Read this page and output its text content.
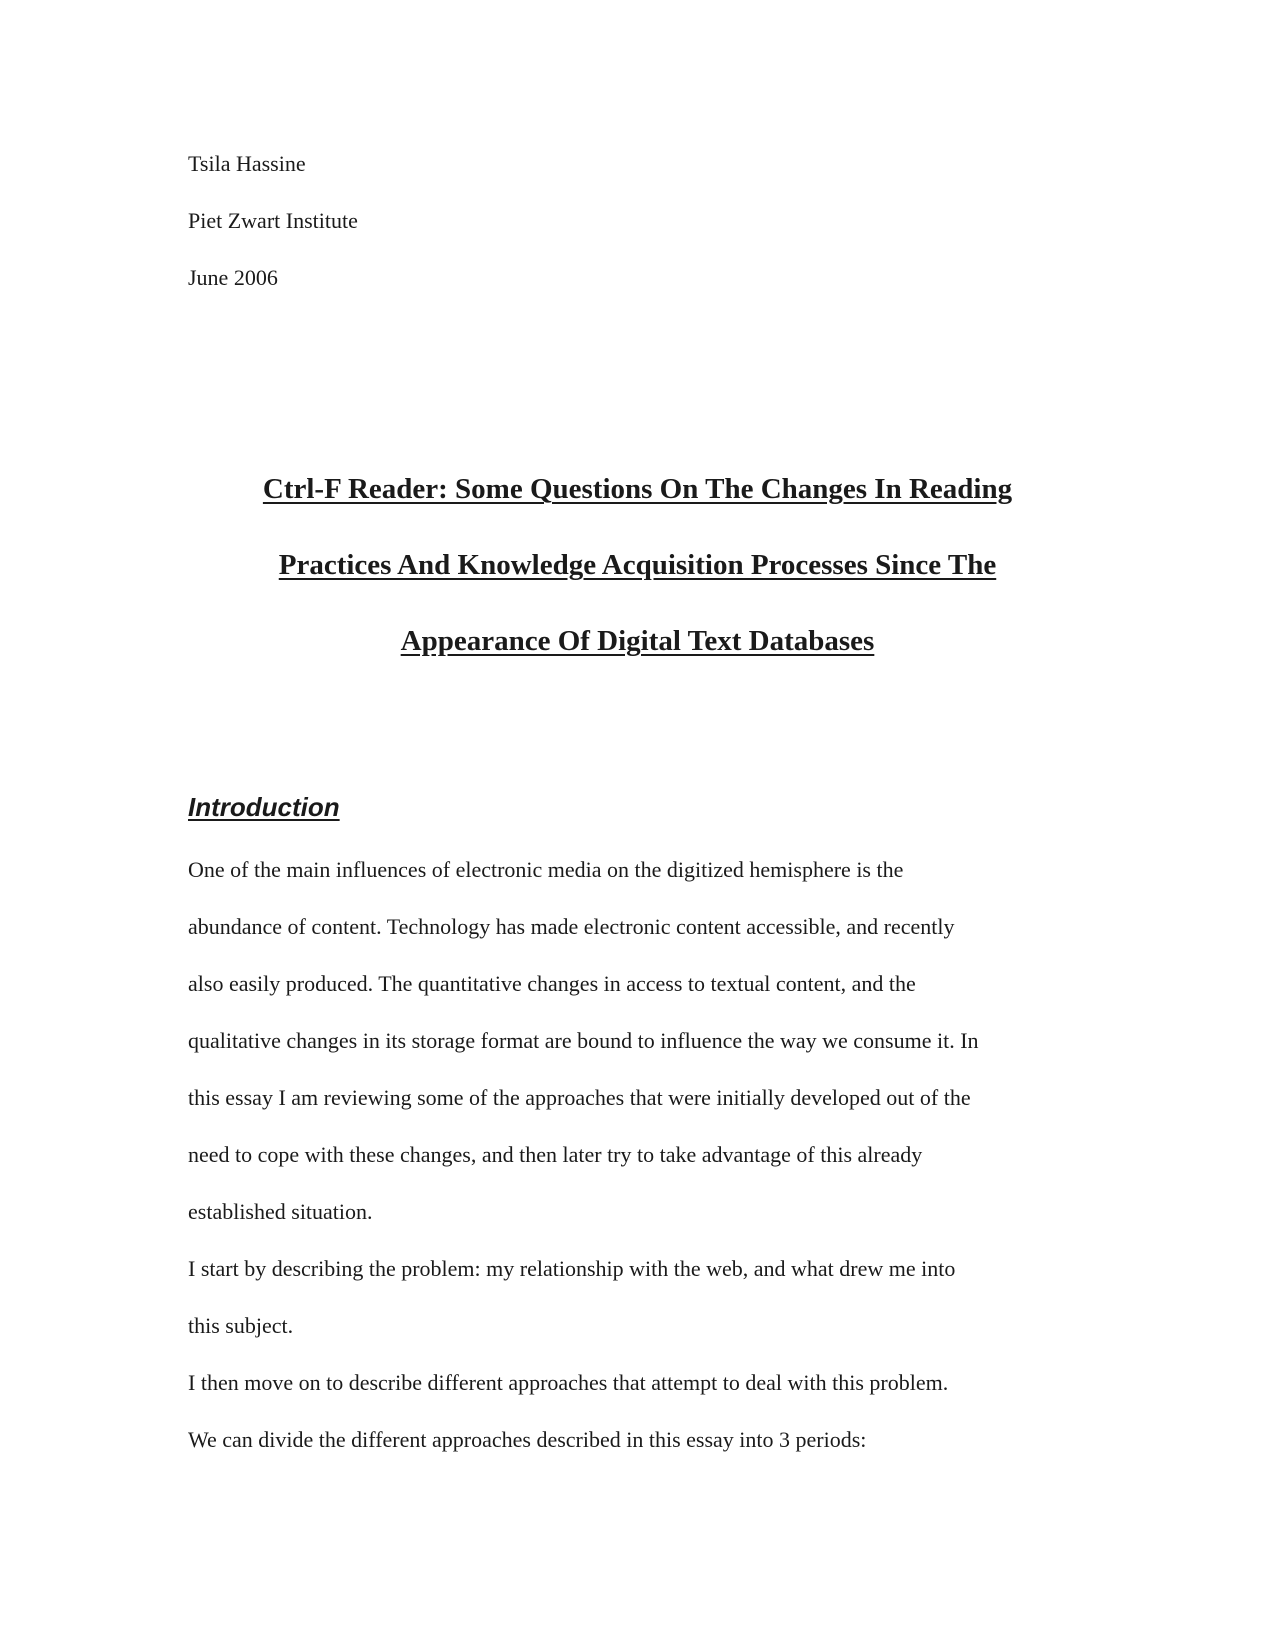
Tsila Hassine
Piet Zwart Institute
June 2006
Ctrl-F Reader: Some Questions On The Changes In Reading
Practices And Knowledge Acquisition Processes Since The
Appearance Of Digital Text Databases
Introduction
One of the main influences of electronic media on the digitized hemisphere is the
abundance of content. Technology has made electronic content accessible, and recently
also easily produced. The quantitative changes in access to textual content, and the
qualitative changes in its storage format are bound to influence the way we consume it. In
this essay I am reviewing some of the approaches that were initially developed out of the
need to cope with these changes, and then later try to take advantage of this already
established situation.
I start by describing the problem: my relationship with the web, and what drew me into
this subject.
I then move on to describe different approaches that attempt to deal with this problem.
We can divide the different approaches described in this essay into 3 periods:
